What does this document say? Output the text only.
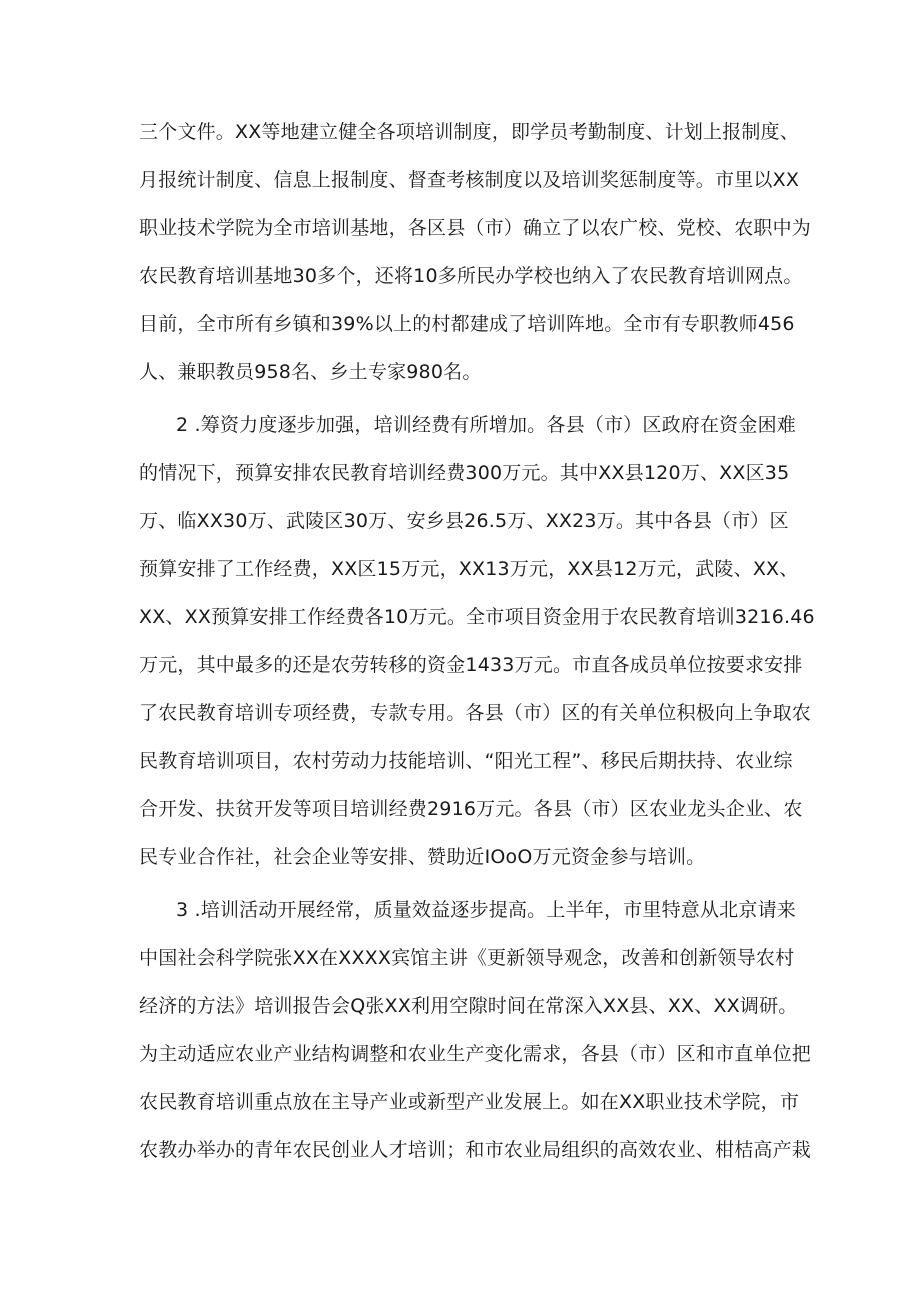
三个文件。XX等地建立健全各项培训制度，即学员考勤制度、计划上报制度、

月报统计制度、信息上报制度、督查考核制度以及培训奖惩制度等。市里以XX

职业技术学院为全市培训基地，各区县（市）确立了以农广校、党校、农职中为

农民教育培训基地30多个，还将10多所民办学校也纳入了农民教育培训网点。

目前，全市所有乡镇和39%以上的村都建成了培训阵地。全市有专职教师456

人、兼职教员958名、乡土专家980名。

2 .筹资力度逐步加强，培训经费有所增加。各县（市）区政府在资金困难

的情况下，预算安排农民教育培训经费300万元。其中XX县120万、XX区35

万、临XX30万、武陵区30万、安乡县26.5万、XX23万。其中各县（市）区

预算安排了工作经费，XX区15万元，XX13万元，XX县12万元，武陵、XX、

XX、XX预算安排工作经费各10万元。全市项目资金用于农民教育培训3216.46

万元，其中最多的还是农劳转移的资金1433万元。市直各成员单位按要求安排

了农民教育培训专项经费，专款专用。各县（市）区的有关单位积极向上争取农

民教育培训项目，农村劳动力技能培训、“阳光工程”、移民后期扶持、农业综

合开发、扶贫开发等项目培训经费2916万元。各县（市）区农业龙头企业、农

民专业合作社，社会企业等安排、赞助近IOoO万元资金参与培训。

3 .培训活动开展经常，质量效益逐步提高。上半年，市里特意从北京请来

中国社会科学院张XX在XXXX宾馆主讲《更新领导观念，改善和创新领导农村

经济的方法》培训报告会Q张XX利用空隙时间在常深入XX县、XX、XX调研。

为主动适应农业产业结构调整和农业生产变化需求，各县（市）区和市直单位把

农民教育培训重点放在主导产业或新型产业发展上。如在XX职业技术学院，市

农教办举办的青年农民创业人才培训；和市农业局组织的高效农业、柑桔高产栽
